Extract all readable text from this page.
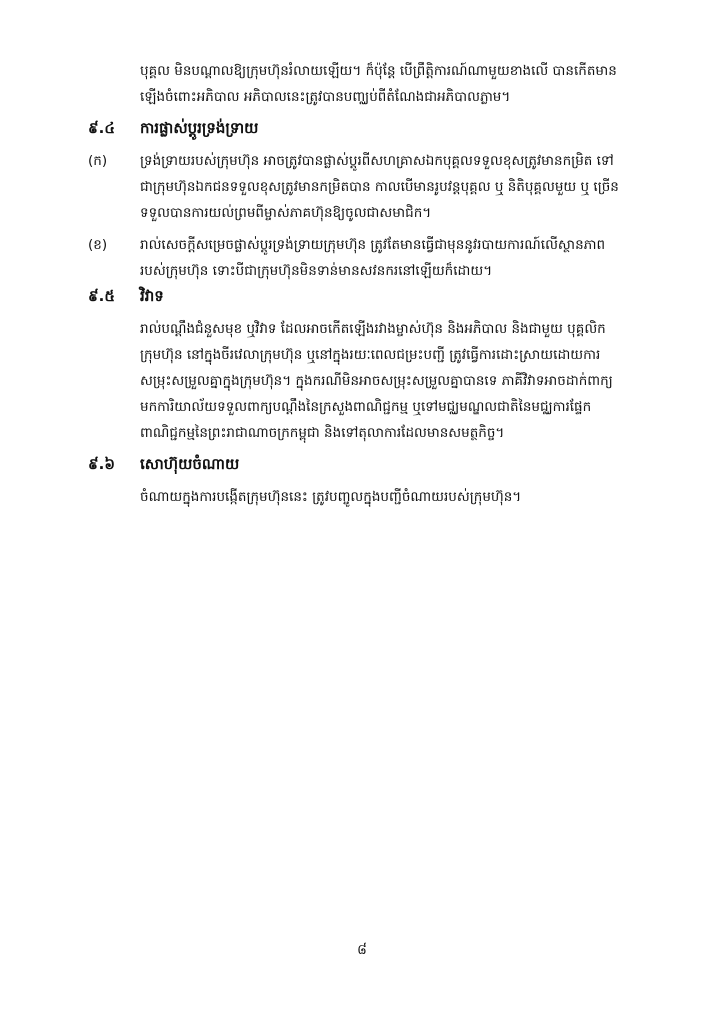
បុគ្គល មិនបណ្ដាលឱ្យក្រុមហ៊ុនរំលាយឡើយ។ ក៏ប៉ុន្តែ បើព្រឹត្តិការណ៍ណាមួយខាងលើ បានកើតមាន
ឡើងចំពោះអភិបាល អភិបាលនេះត្រូវបានបញ្ឈប់ពីតំណែងជាអភិបាលភ្លាម។
៩.៤ ការផ្លាស់ប្ដូរទ្រង់ទ្រាយ
(ក) ទ្រង់ទ្រាយរបស់ក្រុមហ៊ុន អាចត្រូវបានផ្លាស់ប្ដូរពីសហគ្រាសឯកបុគ្គលទទួលខុសត្រូវមានកម្រិត ទៅ
ជាក្រុមហ៊ុនឯកជនទទួលខុសត្រូវមានកម្រិតបាន កាលបើមានរូបវន្តបុគ្គល ឬ និតិបុគ្គលមួយ ឬ ច្រើន
ទទួលបានការយល់ព្រមពីម្ចាស់ភាគហ៊ុនឱ្យចូលជាសមាជិក។
(ខ) រាល់សេចក្ដីសម្រេចផ្លាស់ប្ដូរទ្រង់ទ្រាយក្រុមហ៊ុន ត្រូវតែមានធ្វើជាមុននូវរបាយការណ៍លើស្ថានភាព
របស់ក្រុមហ៊ុន ទោះបីជាក្រុមហ៊ុនមិនទាន់មានសវនករនៅឡើយក៏ដោយ។
៩.៥ វិវាទ
រាល់បណ្ដឹងជំនួសមុខ ឬវិវាទ ដែលអាចកើតឡើងរវាងម្ចាស់ហ៊ុន និងអភិបាល និងជាមួយ បុគ្គលិក
ក្រុមហ៊ុន នៅក្នុងចីរវេលាក្រុមហ៊ុន ឬនៅក្នុងរយៈពេលជម្រះបញ្ជី ត្រូវធ្វើការដោះស្រាយដោយការ
សម្រុះសម្រួលគ្នាក្នុងក្រុមហ៊ុន។ ក្នុងករណីមិនអាចសម្រុះសម្រួលគ្នាបានទេ ភាគីវិវាទអាចដាក់ពាក្យ
មកការិយាល័យទទួលពាក្យបណ្ដឹងនៃក្រសួងពាណិជ្ជកម្ម ឬទៅមជ្ឈមណ្ឌលជាតិនៃមជ្ឈការផ្ទែក
ពាណិជ្ជកម្មនៃព្រះរាជាណាចក្រកម្ពុជា និងទៅតុលាការដែលមានសមត្ថកិច្ច។
៩.៦ សោហ៊ុយចំណាយ
ចំណាយក្នុងការបង្កើតក្រុមហ៊ុននេះ ត្រូវបញ្ចូលក្នុងបញ្ជីចំណាយរបស់ក្រុមហ៊ុន។
៨
